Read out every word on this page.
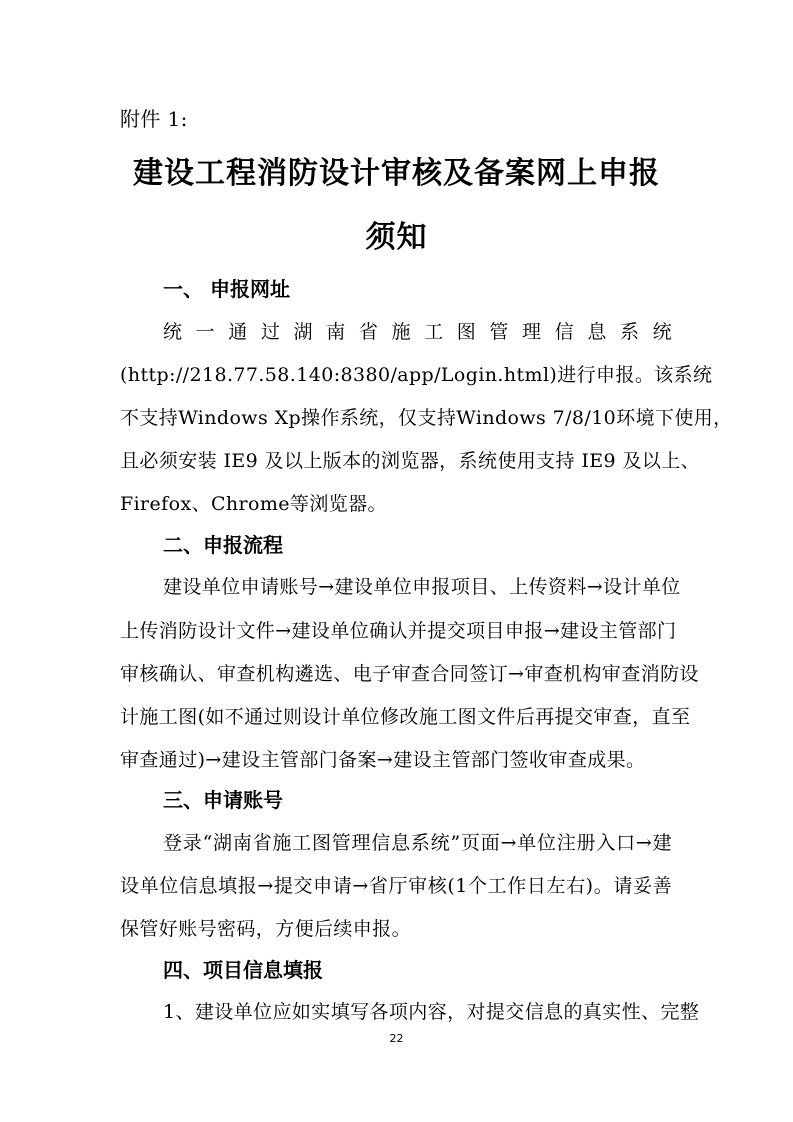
附件 1:
建设工程消防设计审核及备案网上申报
须知
一、 申报网址
统 一 通 过 湖 南 省 施 工 图 管 理 信 息 系 统
(http://218.77.58.140:8380/app/Login.html)进行申报。该系统
不支持Windows Xp操作系统，仅支持Windows 7/8/10环境下使用，
且必须安装 IE9 及以上版本的浏览器，系统使用支持 IE9 及以上、
Firefox、Chrome等浏览器。
二、申报流程
建设单位申请账号→建设单位申报项目、上传资料→设计单位
上传消防设计文件→建设单位确认并提交项目申报→建设主管部门
审核确认、审查机构遴选、电子审查合同签订→审查机构审查消防设
计施工图(如不通过则设计单位修改施工图文件后再提交审查，直至
审查通过)→建设主管部门备案→建设主管部门签收审查成果。
三、申请账号
登录“湖南省施工图管理信息系统”页面→单位注册入口→建
设单位信息填报→提交申请→省厅审核(1个工作日左右)。请妥善
保管好账号密码，方便后续申报。
四、项目信息填报
1、建设单位应如实填写各项内容，对提交信息的真实性、完整
22
